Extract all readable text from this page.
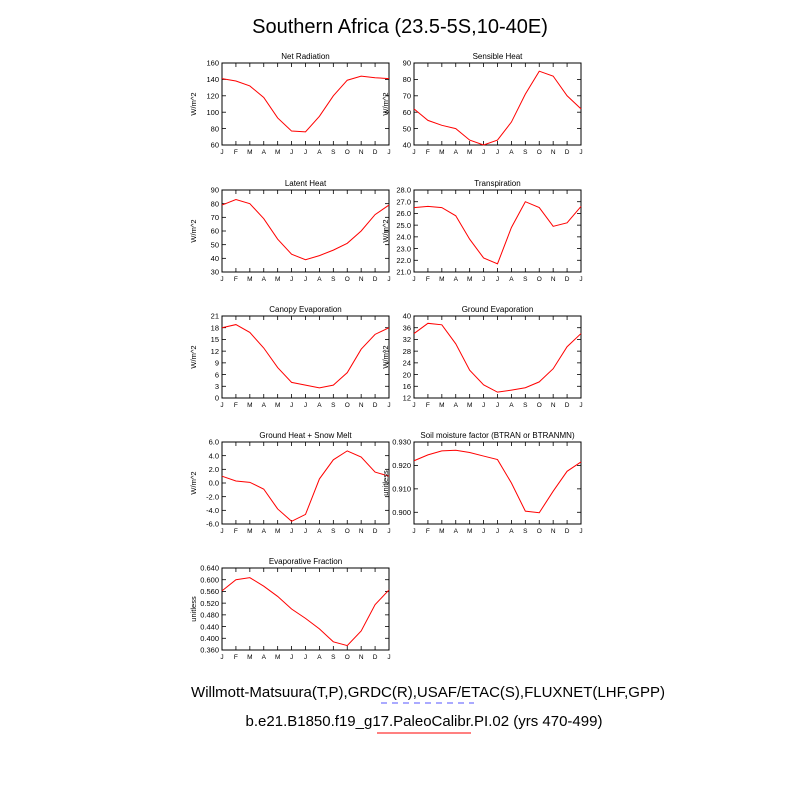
Southern Africa (23.5-5S,10-40E)
Net Radiation
60
80
100
120
140
160
J F M A M J J A S O N D J
W/m^2
Sensible Heat
40
50
60
70
80
90
J F M A M J J A S O N D J
W/m^2
Latent Heat
30
40
50
60
70
80
90
J F M A M J J A S O N D J
W/m^2
Transpiration
21.0
22.0
23.0
24.0
25.0
26.0
27.0
28.0
J F M A M J J A S O N D J
W/m^2
Canopy Evaporation
0
3
6
9
12
15
18
21
J F M A M J J A S O N D J
W/m^2
Ground Evaporation
12
16
20
24
28
32
36
40
J F M A M J J A S O N D J
W/m^2
Ground Heat + Snow Melt
-6.0
-4.0
-2.0
0.0
2.0
4.0
6.0
J F M A M J J A S O N D J
W/m^2
Soil moisture factor (BTRAN or BTRANMN)
0.900
0.910
0.920
0.930
J F M A M J J A S O N D J
unitless
Evaporative Fraction
0.360
0.400
0.440
0.480
0.520
0.560
0.600
0.640
J F M A M J J A S O N D J
unitless
Willmott-Matsuura(T,P),GRDC(R),USAF/ETAC(S),FLUXNET(LHF,GPP)
b.e21.B1850.f19_g17.PaleoCalibr.PI.02 (yrs 470-499)
